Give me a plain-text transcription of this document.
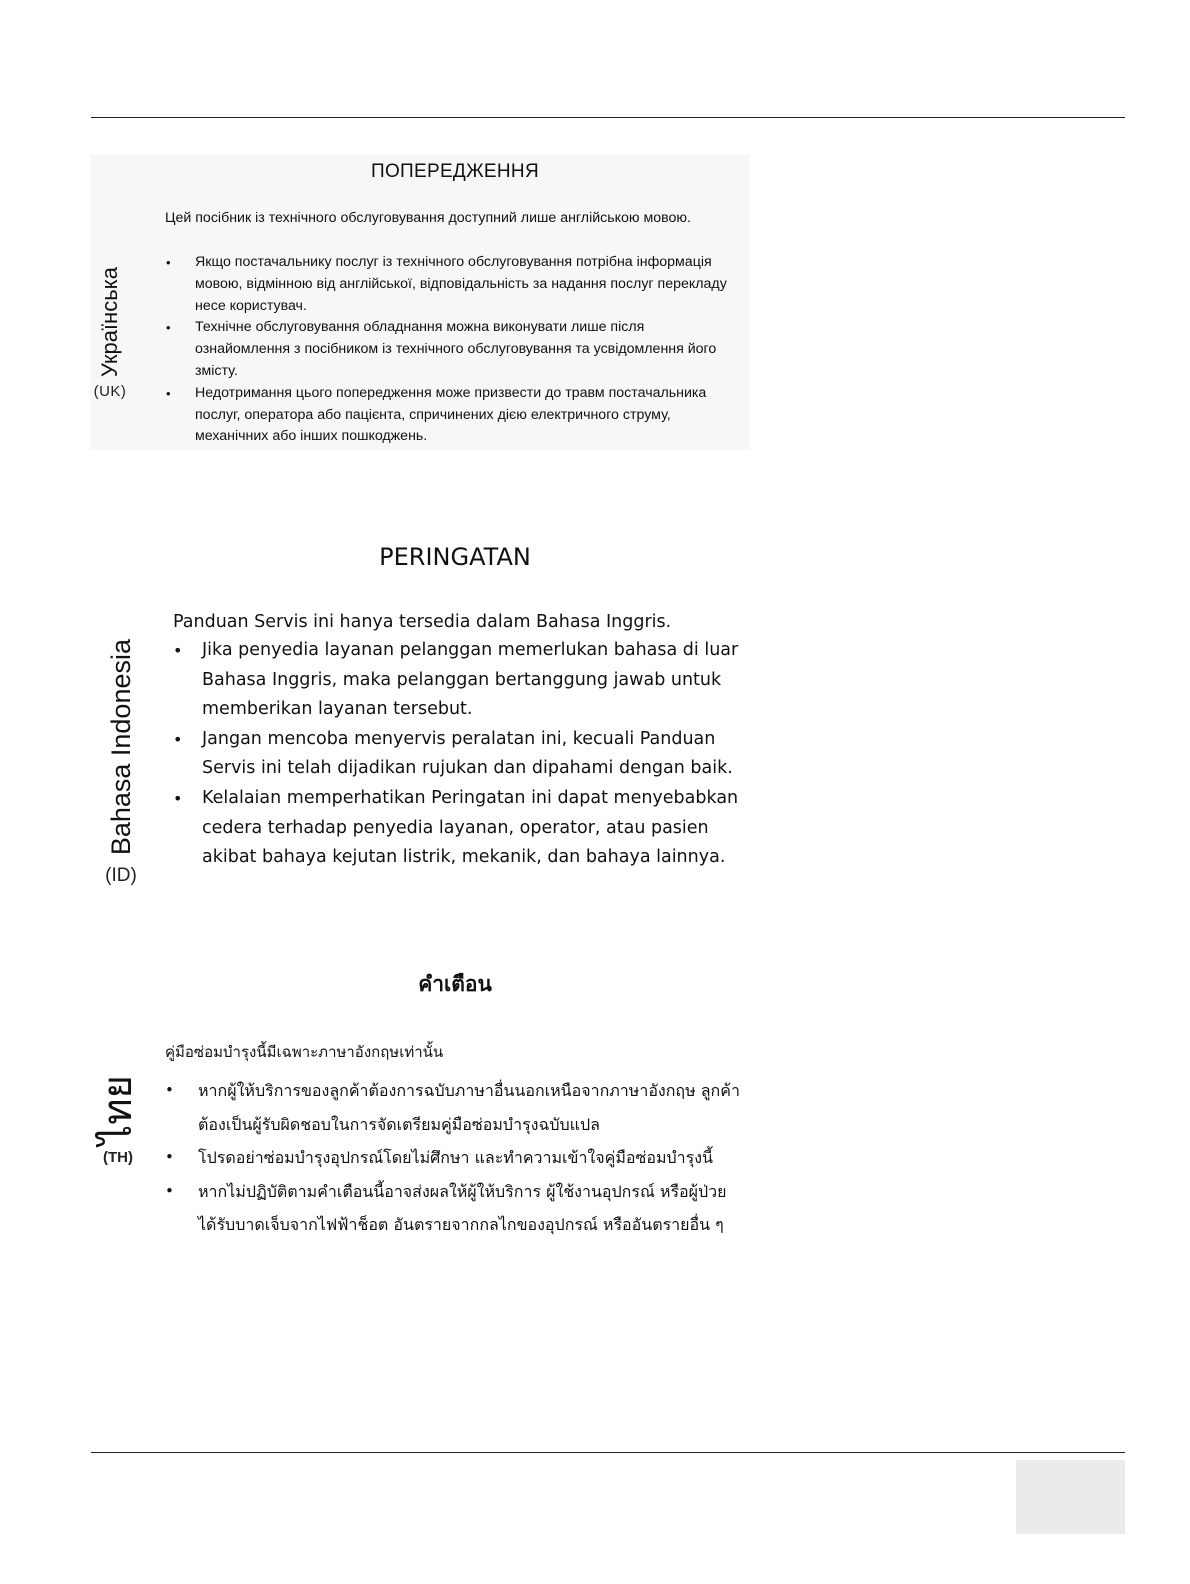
Українська
(UK)
ПОПЕРЕДЖЕННЯ

Цей посібник із технічного обслуговування доступний лише англійською мовою.

• Якщо постачальнику послуг із технічного обслуговування потрібна інформація мовою, відмінною від англійської, відповідальність за надання послуг перекладу несе користувач.
• Технічне обслуговування обладнання можна виконувати лише після ознайомлення з посібником із технічного обслуговування та усвідомлення його змісту.
• Недотримання цього попередження може призвести до травм постачальника послуг, оператора або пацієнта, спричинених дією електричного струму, механічних або інших пошкоджень.
Bahasa Indonesia
(ID)
PERINGATAN

Panduan Servis ini hanya tersedia dalam Bahasa Inggris.

• Jika penyedia layanan pelanggan memerlukan bahasa di luar Bahasa Inggris, maka pelanggan bertanggung jawab untuk memberikan layanan tersebut.
• Jangan mencoba menyervis peralatan ini, kecuali Panduan Servis ini telah dijadikan rujukan dan dipahami dengan baik.
• Kelalaian memperhatikan Peringatan ini dapat menyebabkan cedera terhadap penyedia layanan, operator, atau pasien akibat bahaya kejutan listrik, mekanik, dan bahaya lainnya.
ไทย
(TH)
คำเตือน

คู่มือซ่อมบำรุงนี้มีเฉพาะภาษาอังกฤษเท่านั้น

• หากผู้ให้บริการของลูกค้าต้องการฉบับภาษาอื่นนอกเหนือจากภาษาอังกฤษ ลูกค้าต้องเป็นผู้รับผิดชอบในการจัดเตรียมคู่มือซ่อมบำรุงฉบับแปล
• โปรดอย่าซ่อมบำรุงอุปกรณ์โดยไม่ศึกษา และทำความเข้าใจคู่มือซ่อมบำรุงนี้
• หากไม่ปฏิบัติตามคำเตือนนี้อาจส่งผลให้ผู้ให้บริการ ผู้ใช้งานอุปกรณ์ หรือผู้ป่วยได้รับบาดเจ็บจากไฟฟ้าช็อต อันตรายจากกลไกของอุปกรณ์ หรืออันตรายอื่น ๆ
